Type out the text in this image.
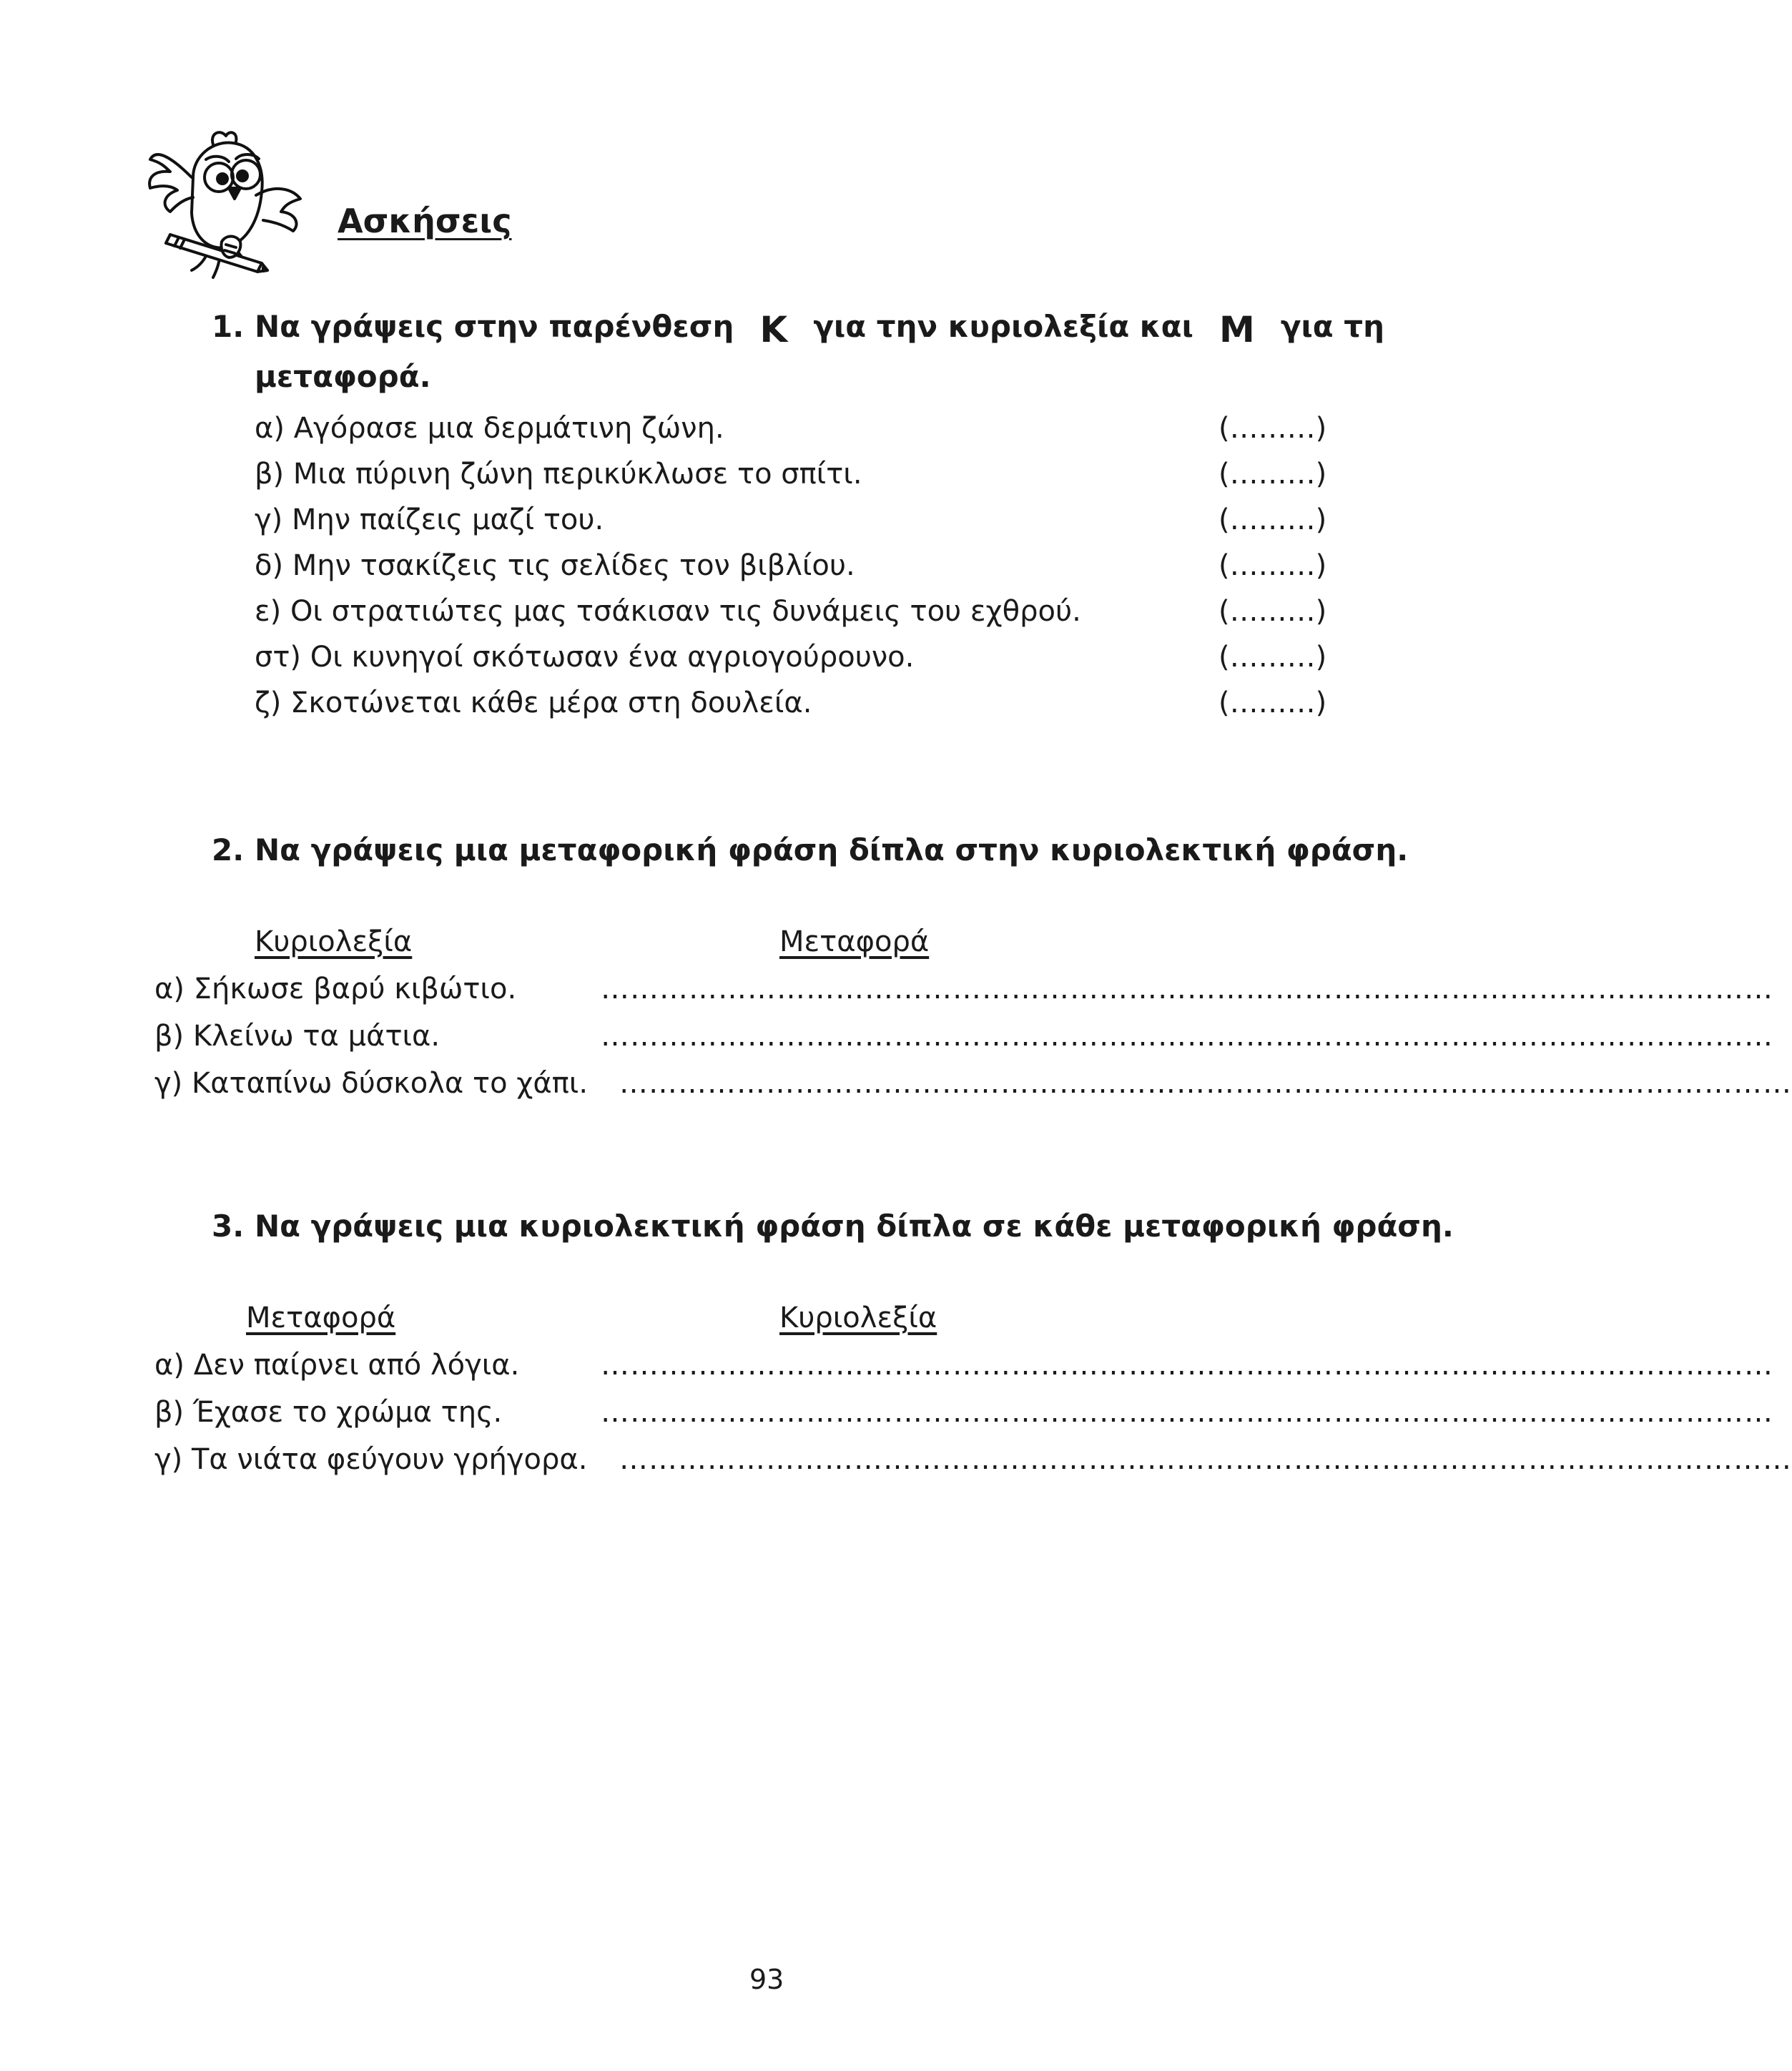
Ασκήσεις
1. Να γράψεις στην παρένθεση Κ για την κυριολεξία και Μ για τη
μεταφορά.
α) Αγόρασε μια δερμάτινη ζώνη.	(………)
β) Μια πύρινη ζώνη περικύκλωσε το σπίτι.	(………)
γ) Μην παίζεις μαζί του.	(………)
δ) Μην τσακίζεις τις σελίδες τον βιβλίου.	(………)
ε) Οι στρατιώτες μας τσάκισαν τις δυνάμεις του εχθρού.	(………)
στ) Οι κυνηγοί σκότωσαν ένα αγριογούρουνο.	(………)
ζ) Σκοτώνεται κάθε μέρα στη δουλεία.	(………)
2. Να γράψεις μια μεταφορική φράση δίπλα στην κυριολεκτική φράση.
Κυριολεξία	Μεταφορά
α) Σήκωσε βαρύ κιβώτιο.	…………………………………………………………………………………………………………
β) Κλείνω τα μάτια.	…………………………………………………………………………………………………………
γ) Καταπίνω δύσκολα το χάπι. …………………………………………………………………………………………………………
3. Να γράψεις μια κυριολεκτική φράση δίπλα σε κάθε μεταφορική φράση.
Μεταφορά	Κυριολεξία
α) Δεν παίρνει από λόγια.	…………………………………………………………………………………………………………
β) Έχασε το χρώμα της.	…………………………………………………………………………………………………………
γ) Τα νιάτα φεύγουν γρήγορα. …………………………………………………………………………………………………………
93
